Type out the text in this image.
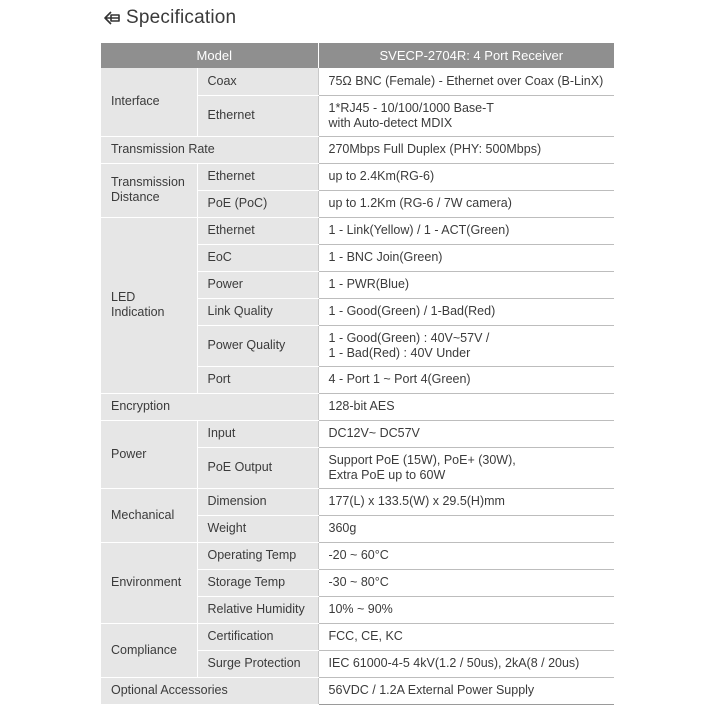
Specification
Model		SVECP-2704R: 4 Port Receiver
Interface	Coax	75Ω BNC (Female) - Ethernet over Coax (B-LinX)
	Ethernet	1*RJ45 - 10/100/1000 Base-T
with Auto-detect MDIX
Transmission Rate		270Mbps Full Duplex (PHY: 500Mbps)
Transmission
Distance	Ethernet	up to 2.4Km(RG-6)
	PoE (PoC)	up to 1.2Km (RG-6 / 7W camera)
LED
Indication	Ethernet	1 - Link(Yellow) / 1 - ACT(Green)
	EoC	1 - BNC Join(Green)
	Power	1 - PWR(Blue)
	Link Quality	1 - Good(Green) / 1-Bad(Red)
	Power Quality	1 - Good(Green) : 40V~57V /
1 - Bad(Red) : 40V Under
	Port	4 - Port 1 ~ Port 4(Green)
Encryption		128-bit AES
Power	Input	DC12V~ DC57V
	PoE Output	Support PoE (15W), PoE+ (30W),
Extra PoE up to 60W
Mechanical	Dimension	177(L) x 133.5(W) x 29.5(H)mm
	Weight	360g
Environment	Operating Temp	-20 ~ 60°C
	Storage Temp	-30 ~ 80°C
	Relative Humidity	10% ~ 90%
Compliance	Certification	FCC, CE, KC
	Surge Protection	IEC 61000-4-5 4kV(1.2 / 50us), 2kA(8 / 20us)
Optional Accessories		56VDC / 1.2A External Power Supply
